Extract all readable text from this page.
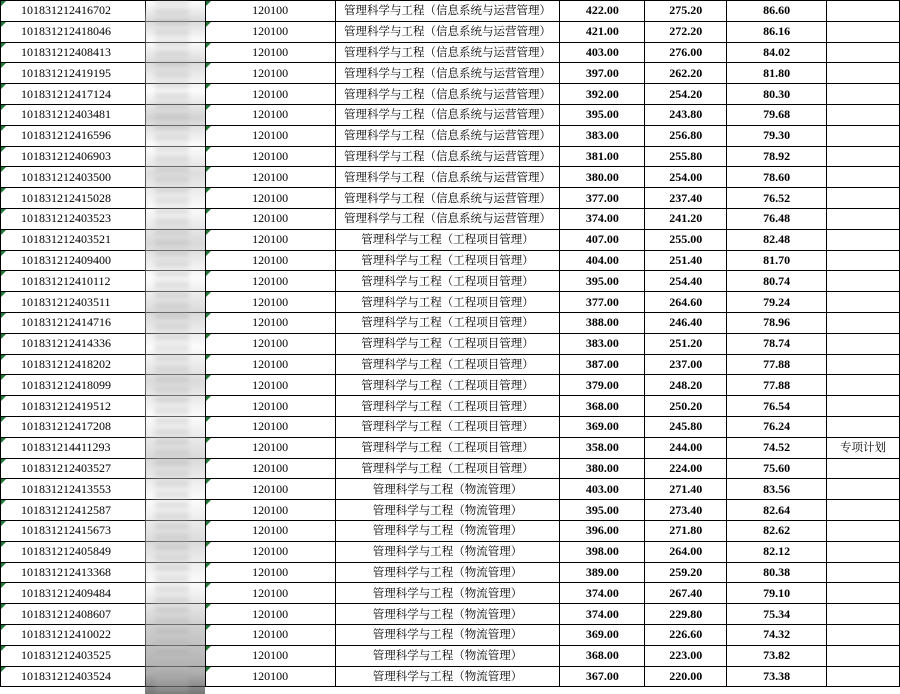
101831212416702		120100	管理科学与工程（信息系统与运营管理）	422.00	275.20	86.60	
101831212418046		120100	管理科学与工程（信息系统与运营管理）	421.00	272.20	86.16	
101831212408413		120100	管理科学与工程（信息系统与运营管理）	403.00	276.00	84.02	
101831212419195		120100	管理科学与工程（信息系统与运营管理）	397.00	262.20	81.80	
101831212417124		120100	管理科学与工程（信息系统与运营管理）	392.00	254.20	80.30	
101831212403481		120100	管理科学与工程（信息系统与运营管理）	395.00	243.80	79.68	
101831212416596		120100	管理科学与工程（信息系统与运营管理）	383.00	256.80	79.30	
101831212406903		120100	管理科学与工程（信息系统与运营管理）	381.00	255.80	78.92	
101831212403500		120100	管理科学与工程（信息系统与运营管理）	380.00	254.00	78.60	
101831212415028		120100	管理科学与工程（信息系统与运营管理）	377.00	237.40	76.52	
101831212403523		120100	管理科学与工程（信息系统与运营管理）	374.00	241.20	76.48	
101831212403521		120100	管理科学与工程（工程项目管理）	407.00	255.00	82.48	
101831212409400		120100	管理科学与工程（工程项目管理）	404.00	251.40	81.70	
101831212410112		120100	管理科学与工程（工程项目管理）	395.00	254.40	80.74	
101831212403511		120100	管理科学与工程（工程项目管理）	377.00	264.60	79.24	
101831212414716		120100	管理科学与工程（工程项目管理）	388.00	246.40	78.96	
101831212414336		120100	管理科学与工程（工程项目管理）	383.00	251.20	78.74	
101831212418202		120100	管理科学与工程（工程项目管理）	387.00	237.00	77.88	
101831212418099		120100	管理科学与工程（工程项目管理）	379.00	248.20	77.88	
101831212419512		120100	管理科学与工程（工程项目管理）	368.00	250.20	76.54	
101831212417208		120100	管理科学与工程（工程项目管理）	369.00	245.80	76.24	
101831214411293		120100	管理科学与工程（工程项目管理）	358.00	244.00	74.52	专项计划
101831212403527		120100	管理科学与工程（工程项目管理）	380.00	224.00	75.60	
101831212413553		120100	管理科学与工程（物流管理）	403.00	271.40	83.56	
101831212412587		120100	管理科学与工程（物流管理）	395.00	273.40	82.64	
101831212415673		120100	管理科学与工程（物流管理）	396.00	271.80	82.62	
101831212405849		120100	管理科学与工程（物流管理）	398.00	264.00	82.12	
101831212413368		120100	管理科学与工程（物流管理）	389.00	259.20	80.38	
101831212409484		120100	管理科学与工程（物流管理）	374.00	267.40	79.10	
101831212408607		120100	管理科学与工程（物流管理）	374.00	229.80	75.34	
101831212410022		120100	管理科学与工程（物流管理）	369.00	226.60	74.32	
101831212403525		120100	管理科学与工程（物流管理）	368.00	223.00	73.82	
101831212403524		120100	管理科学与工程（物流管理）	367.00	220.00	73.38	
